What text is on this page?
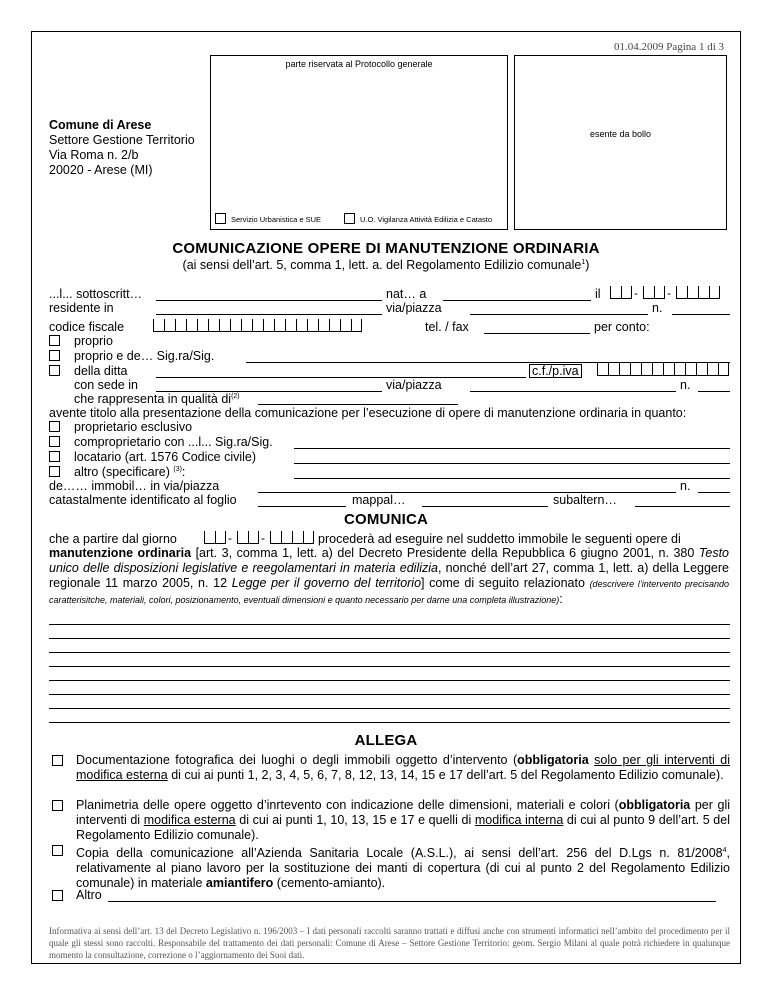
01.04.2009 Pagina 1 di 3
parte riservata al Protocollo generale
esente da bollo
Comune di Arese
Settore Gestione Territorio
Via Roma n. 2/b
20020 - Arese (MI)
Servizio Urbanistica e SUE	U.O. Vigilanza Attività Edilizia e Catasto
COMUNICAZIONE OPERE DI MANUTENZIONE ORDINARIA
(ai sensi dell’art. 5, comma 1, lett. a. del Regolamento Edilizio comunale$^1$)
...l... sottoscritt…	nat… a	il	- -
residente in	via/piazza	n.
codice fiscale	tel. / fax	per conto:
proprio
proprio e de… Sig.ra/Sig.
della ditta	c.f./p.iva
con sede in	via/piazza	n.
che rappresenta in qualità $di^{(2)}$
avente titolo alla presentazione della comunicazione per l’esecuzione di opere di manutenzione ordinaria in quanto:
proprietario esclusivo
comproprietario con ...l... Sig.ra/Sig.
locatario (art. 1576 Codice civile)
altro (specificare) $^{(3)}$:
de…… immobil… in via/piazza	n.
catastalmente identificato al foglio	mappal…	subaltern…
COMUNICA
che a partire dal giorno	- -	procederà ad eseguire nel suddetto immobile le seguenti opere di
manutenzione ordinaria [art. 3, comma 1, lett. a) del Decreto Presidente della Repubblica 6 giugno 2001, n. 380 Testo unico delle disposizioni legislative e reegolamentari in materia edilizia, nonché dell’art 27, comma 1, lett. a) della Leggere regionale 11 marzo 2005, n. 12 Legge per il governo del territorio] come di seguito relazionato (descrivere l’intervento precisando caratterisitche, materiali, colori, posizionamento, eventuali dimensioni e quanto necessario per darne una completa illustrazione):
ALLEGA
Documentazione fotografica dei luoghi o degli immobili oggetto d’intervento (obbligatoria solo per gli interventi di modifica esterna di cui ai punti 1, 2, 3, 4, 5, 6, 7, 8, 12, 13, 14, 15 e 17 dell’art. 5 del Regolamento Edilizio comunale).
Planimetria delle opere oggetto d’inrtevento con indicazione delle dimensioni, materiali e colori (obbligatoria per gli interventi di modifica esterna di cui ai punti 1, 10, 13, 15 e 17 e quelli di modifica interna di cui al punto 9 dell’art. 5 del Regolamento Edilizio comunale).
Copia della comunicazione all’Azienda Sanitaria Locale (A.S.L.), ai sensi dell’art. 256 del D.Lgs n. 81/2008$^4$, relativamente al piano lavoro per la sostituzione dei manti di copertura (di cui al punto 2 del Regolamento Edilizio comunale) in materiale amiantifero (cemento-amianto).
Altro
Informativa ai sensi dell’art. 13 del Decreto Legislativo n. 196/2003 – I dati personali raccolti saranno trattati e diffusi anche con strumenti informatici nell’ambito del procedimento per il quale gli stessi sono raccolti. Responsabile del trattamento dei dati personali: Comune di Arese – Settore Gestione Territorio: geom. Sergio Milani al quale potrà richiedere in qualunque momento la consultazione, correzione o l’aggiornamento dei Suoi dati.
